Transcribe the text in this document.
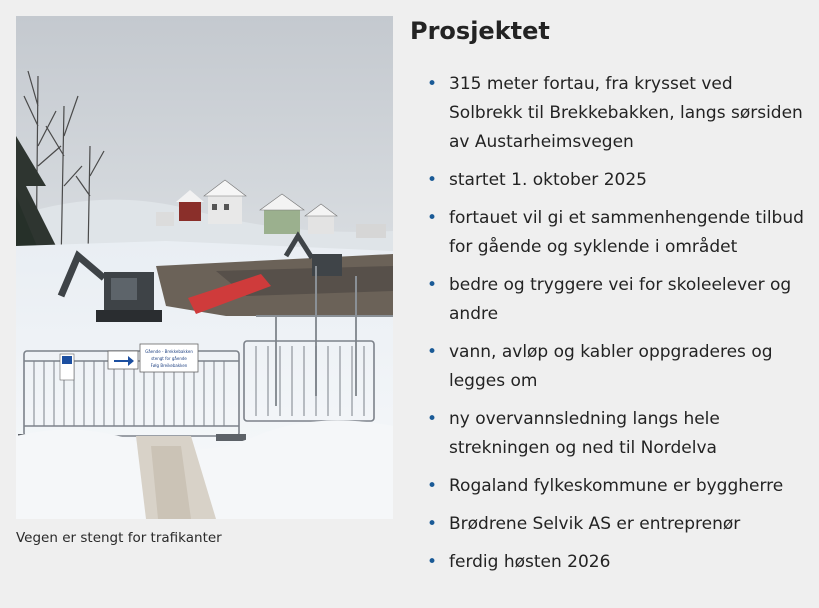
Gående - Brekkebakken
stengt for gående
Følg Breikebakken
Vegen er stengt for trafikanter
Prosjektet
• 315 meter fortau, fra krysset ved Solbrekk til Brekkebakken, langs sørsiden av Austarheimsvegen
• startet 1. oktober 2025
• fortauet vil gi et sammenhengende tilbud for gående og syklende i området
• bedre og tryggere vei for skoleelever og andre
• vann, avløp og kabler oppgraderes og legges om
• ny overvannsledning langs hele strekningen og ned til Nordelva
• Rogaland fylkeskommune er byggherre
• Brødrene Selvik AS er entreprenør
• ferdig høsten 2026
